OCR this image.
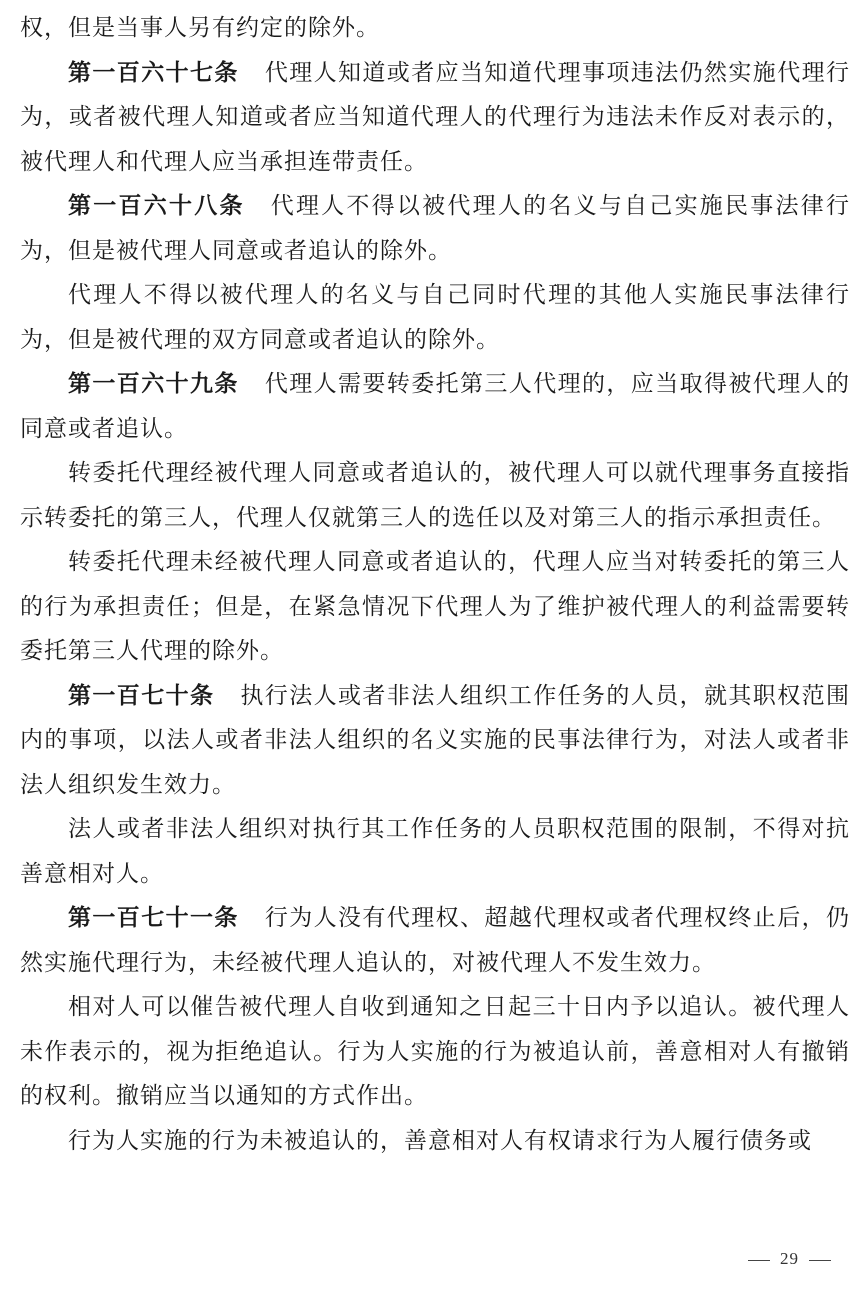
权，但是当事人另有约定的除外。

第一百六十七条 代理人知道或者应当知道代理事项违法仍然实施代理行为，或者被代理人知道或者应当知道代理人的代理行为违法未作反对表示的，被代理人和代理人应当承担连带责任。

第一百六十八条 代理人不得以被代理人的名义与自己实施民事法律行为，但是被代理人同意或者追认的除外。

代理人不得以被代理人的名义与自己同时代理的其他人实施民事法律行为，但是被代理的双方同意或者追认的除外。

第一百六十九条 代理人需要转委托第三人代理的，应当取得被代理人的同意或者追认。

转委托代理经被代理人同意或者追认的，被代理人可以就代理事务直接指示转委托的第三人，代理人仅就第三人的选任以及对第三人的指示承担责任。

转委托代理未经被代理人同意或者追认的，代理人应当对转委托的第三人的行为承担责任；但是，在紧急情况下代理人为了维护被代理人的利益需要转委托第三人代理的除外。

第一百七十条 执行法人或者非法人组织工作任务的人员，就其职权范围内的事项，以法人或者非法人组织的名义实施的民事法律行为，对法人或者非法人组织发生效力。

法人或者非法人组织对执行其工作任务的人员职权范围的限制，不得对抗善意相对人。

第一百七十一条 行为人没有代理权、超越代理权或者代理权终止后，仍然实施代理行为，未经被代理人追认的，对被代理人不发生效力。

相对人可以催告被代理人自收到通知之日起三十日内予以追认。被代理人未作表示的，视为拒绝追认。行为人实施的行为被追认前，善意相对人有撤销的权利。撤销应当以通知的方式作出。

行为人实施的行为未被追认的，善意相对人有权请求行为人履行债务或

29
